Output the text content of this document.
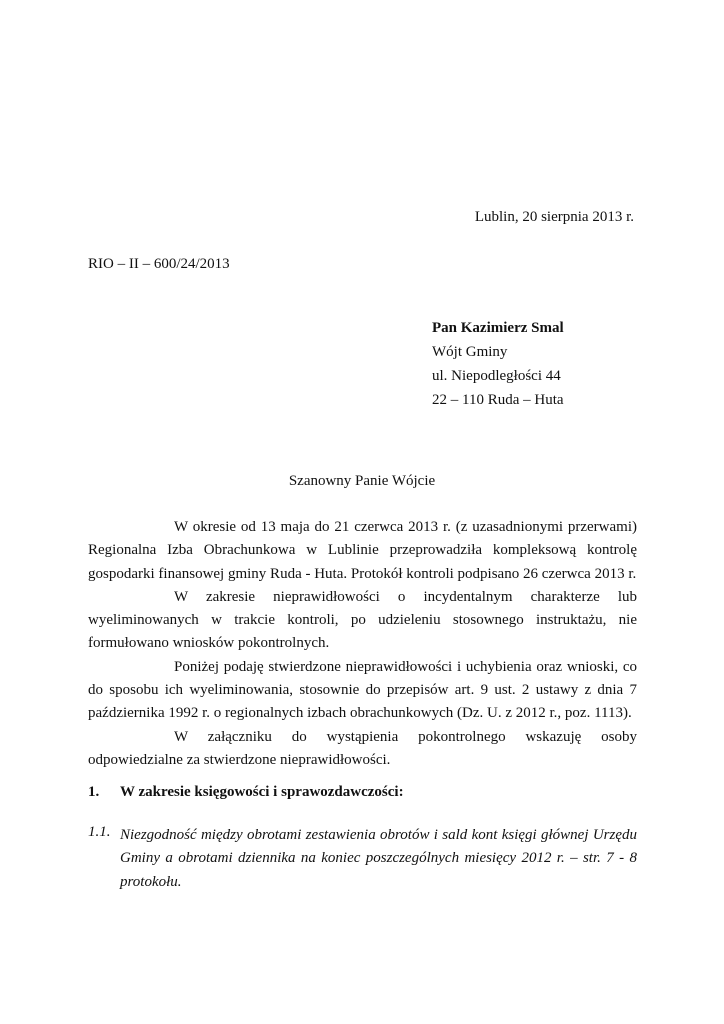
Lublin, 20 sierpnia 2013 r.
RIO – II – 600/24/2013
Pan Kazimierz Smal
Wójt Gminy
ul. Niepodległości 44
22 – 110 Ruda – Huta
Szanowny Panie Wójcie

W okresie od 13 maja do 21 czerwca 2013 r. (z uzasadnionymi przerwami) Regionalna Izba Obrachunkowa w Lublinie przeprowadziła kompleksową kontrolę gospodarki finansowej gminy Ruda - Huta. Protokół kontroli podpisano 26 czerwca 2013 r.

W zakresie nieprawidłowości o incydentalnym charakterze lub wyeliminowanych w trakcie kontroli, po udzieleniu stosownego instruktażu, nie formułowano wniosków pokontrolnych.

Poniżej podaję stwierdzone nieprawidłowości i uchybienia oraz wnioski, co do sposobu ich wyeliminowania, stosownie do przepisów art. 9 ust. 2 ustawy z dnia 7 października 1992 r. o regionalnych izbach obrachunkowych (Dz. U. z 2012 r., poz. 1113).

W załączniku do wystąpienia pokontrolnego wskazuję osoby odpowiedzialne za stwierdzone nieprawidłowości.

1. W zakresie księgowości i sprawozdawczości:
1.1. Niezgodność między obrotami zestawienia obrotów i sald kont księgi głównej Urzędu Gminy a obrotami dziennika na koniec poszczególnych miesięcy 2012 r. – str. 7 - 8 protokołu.
